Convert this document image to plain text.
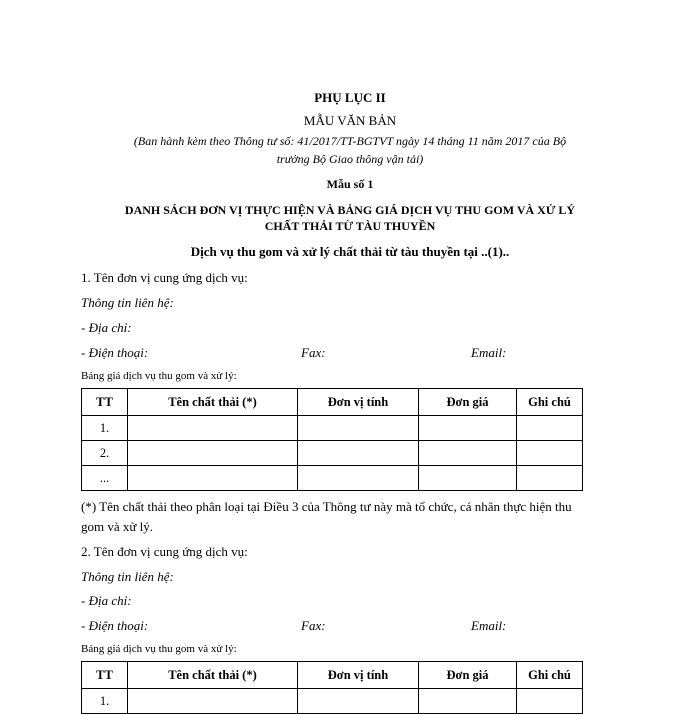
PHỤ LỤC II
MẪU VĂN BẢN
(Ban hành kèm theo Thông tư số: 41/2017/TT-BGTVT ngày 14 tháng 11 năm 2017 của Bộ
trưởng Bộ Giao thông vận tải)
Mẫu số 1
DANH SÁCH ĐƠN VỊ THỰC HIỆN VÀ BẢNG GIÁ DỊCH VỤ THU GOM VÀ XỬ LÝ
CHẤT THẢI TỪ TÀU THUYỀN
Dịch vụ thu gom và xử lý chất thải từ tàu thuyền tại ..(1)..
1. Tên đơn vị cung ứng dịch vụ:
Thông tin liên hệ:
- Địa chỉ:
- Điện thoại:	Fax:	Email:
Bảng giá dịch vụ thu gom và xử lý:
TT	Tên chất thải (*)	Đơn vị tính	Đơn giá	Ghi chú
1.				
2.				
...				
(*) Tên chất thải theo phân loại tại Điều 3 của Thông tư này mà tổ chức, cá nhân thực hiện thu
gom và xử lý.
2. Tên đơn vị cung ứng dịch vụ:
Thông tin liên hệ:
- Địa chỉ:
- Điện thoại:	Fax:	Email:
Bảng giá dịch vụ thu gom và xử lý:
TT	Tên chất thải (*)	Đơn vị tính	Đơn giá	Ghi chú
1.				
